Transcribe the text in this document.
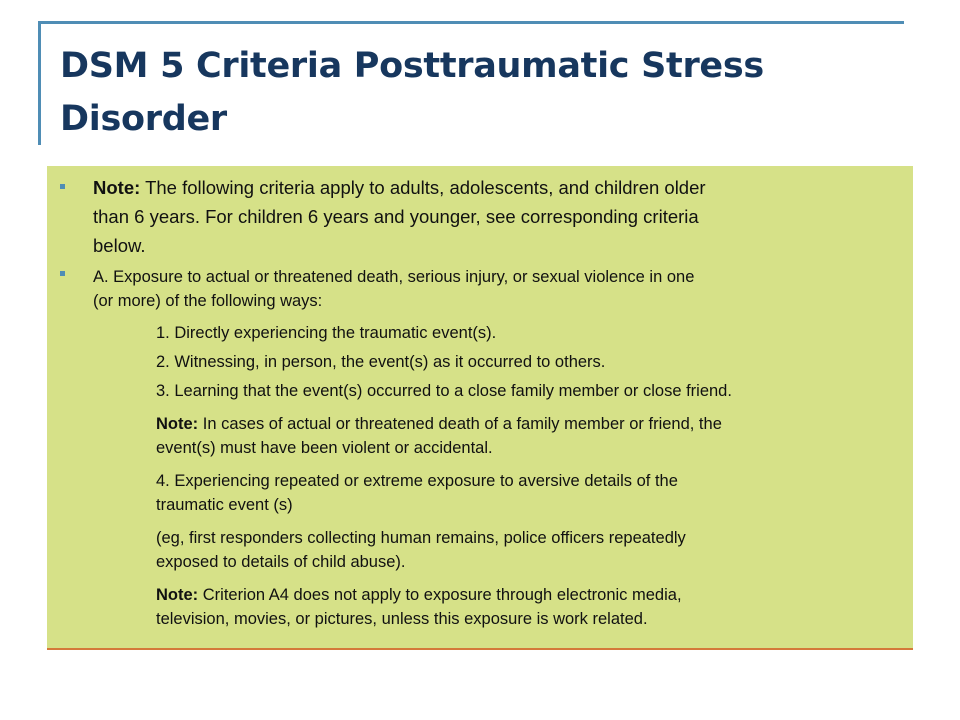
DSM 5 Criteria Posttraumatic Stress
Disorder
Note: The following criteria apply to adults, adolescents, and children older
than 6 years. For children 6 years and younger, see corresponding criteria
below.
A. Exposure to actual or threatened death, serious injury, or sexual violence in one
(or more) of the following ways:
1. Directly experiencing the traumatic event(s).
2. Witnessing, in person, the event(s) as it occurred to others.
3. Learning that the event(s) occurred to a close family member or close friend.
Note: In cases of actual or threatened death of a family member or friend, the
event(s) must have been violent or accidental.
4. Experiencing repeated or extreme exposure to aversive details of the
traumatic event (s)
(eg, first responders collecting human remains, police officers repeatedly
exposed to details of child abuse).
Note: Criterion A4 does not apply to exposure through electronic media,
television, movies, or pictures, unless this exposure is work related.
